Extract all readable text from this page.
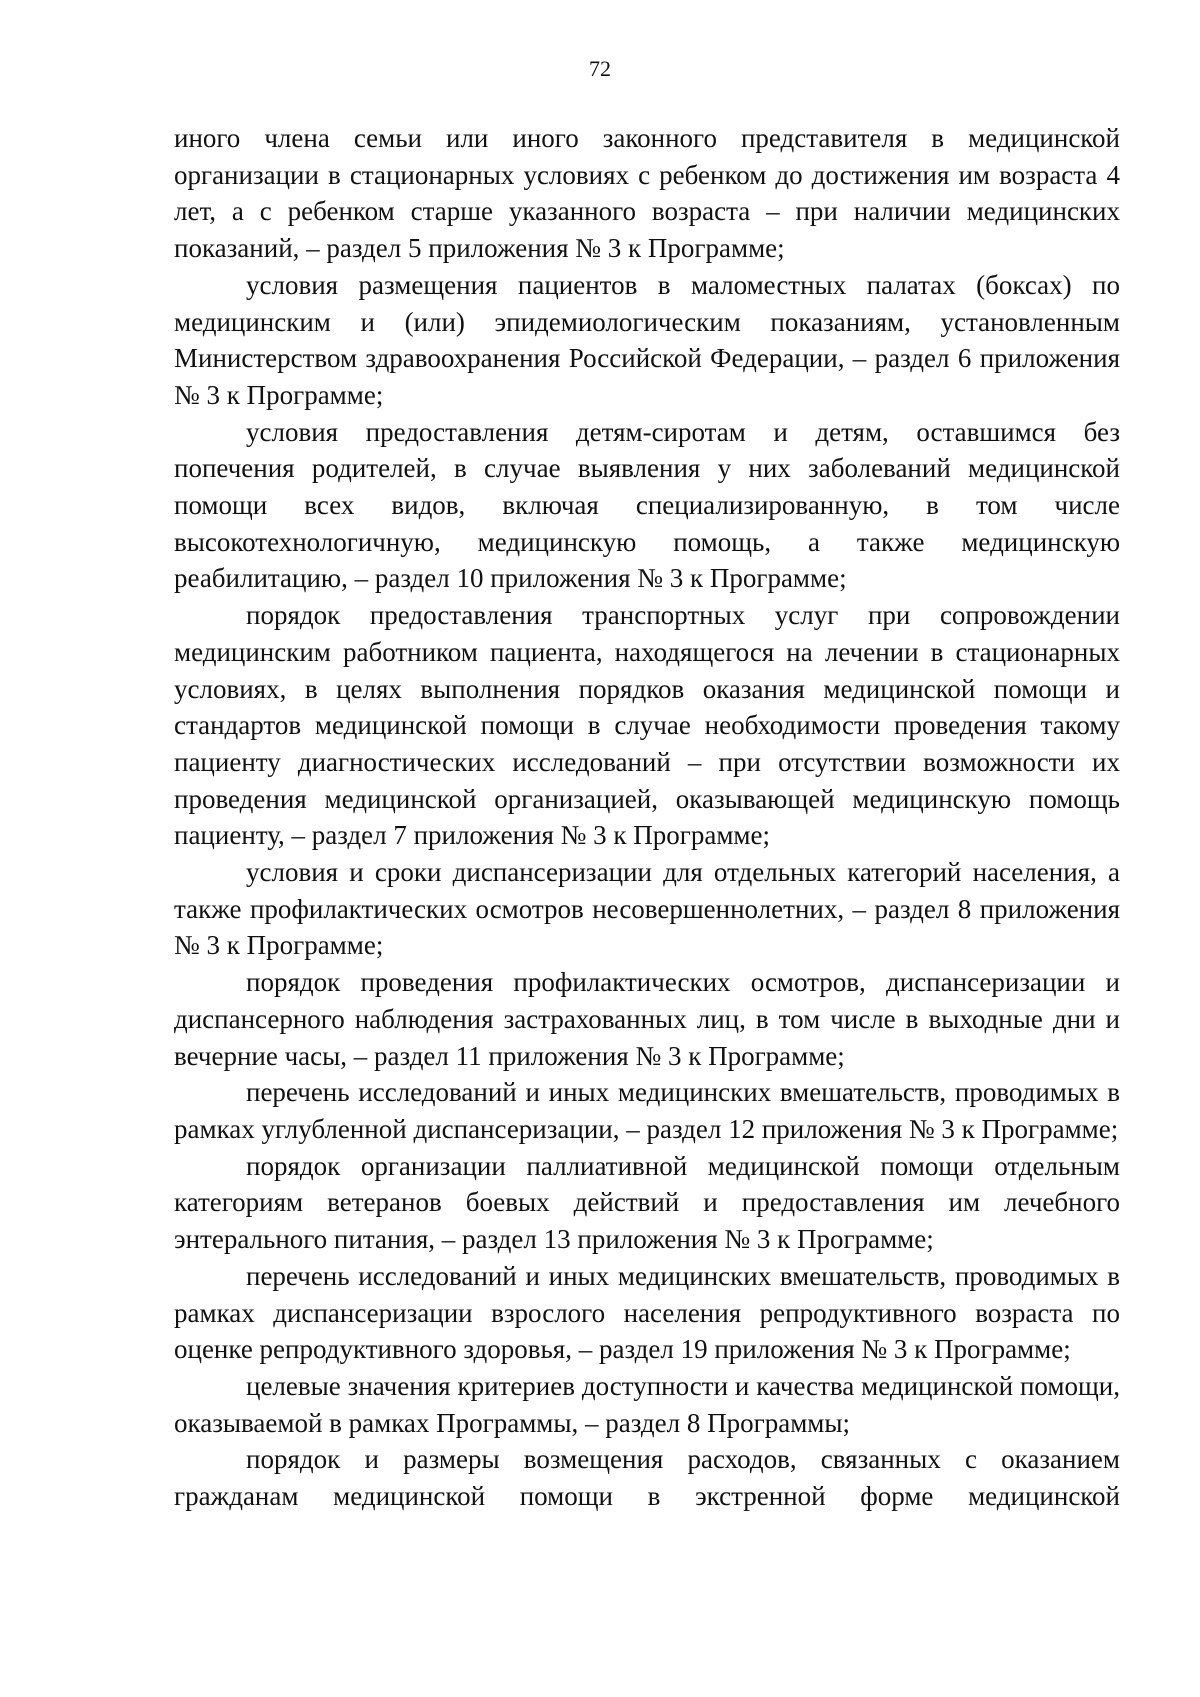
72

иного члена семьи или иного законного представителя в медицинской организации в стационарных условиях с ребенком до достижения им возраста 4 лет, а с ребенком старше указанного возраста – при наличии медицинских показаний, – раздел 5 приложения № 3 к Программе;

условия размещения пациентов в маломестных палатах (боксах) по медицинским и (или) эпидемиологическим показаниям, установленным Министерством здравоохранения Российской Федерации, – раздел 6 приложения № 3 к Программе;

условия предоставления детям-сиротам и детям, оставшимся без попечения родителей, в случае выявления у них заболеваний медицинской помощи всех видов, включая специализированную, в том числе высокотехнологичную, медицинскую помощь, а также медицинскую реабилитацию, – раздел 10 приложения № 3 к Программе;

порядок предоставления транспортных услуг при сопровождении медицинским работником пациента, находящегося на лечении в стационарных условиях, в целях выполнения порядков оказания медицинской помощи и стандартов медицинской помощи в случае необходимости проведения такому пациенту диагностических исследований – при отсутствии возможности их проведения медицинской организацией, оказывающей медицинскую помощь пациенту, – раздел 7 приложения № 3 к Программе;

условия и сроки диспансеризации для отдельных категорий населения, а также профилактических осмотров несовершеннолетних, – раздел 8 приложения № 3 к Программе;

порядок проведения профилактических осмотров, диспансеризации и диспансерного наблюдения застрахованных лиц, в том числе в выходные дни и вечерние часы, – раздел 11 приложения № 3 к Программе;

перечень исследований и иных медицинских вмешательств, проводимых в рамках углубленной диспансеризации, – раздел 12 приложения № 3 к Программе;

порядок организации паллиативной медицинской помощи отдельным категориям ветеранов боевых действий и предоставления им лечебного энтерального питания, – раздел 13 приложения № 3 к Программе;

перечень исследований и иных медицинских вмешательств, проводимых в рамках диспансеризации взрослого населения репродуктивного возраста по оценке репродуктивного здоровья, – раздел 19 приложения № 3 к Программе;

целевые значения критериев доступности и качества медицинской помощи, оказываемой в рамках Программы, – раздел 8 Программы;

порядок и размеры возмещения расходов, связанных с оказанием гражданам медицинской помощи в экстренной форме медицинской
